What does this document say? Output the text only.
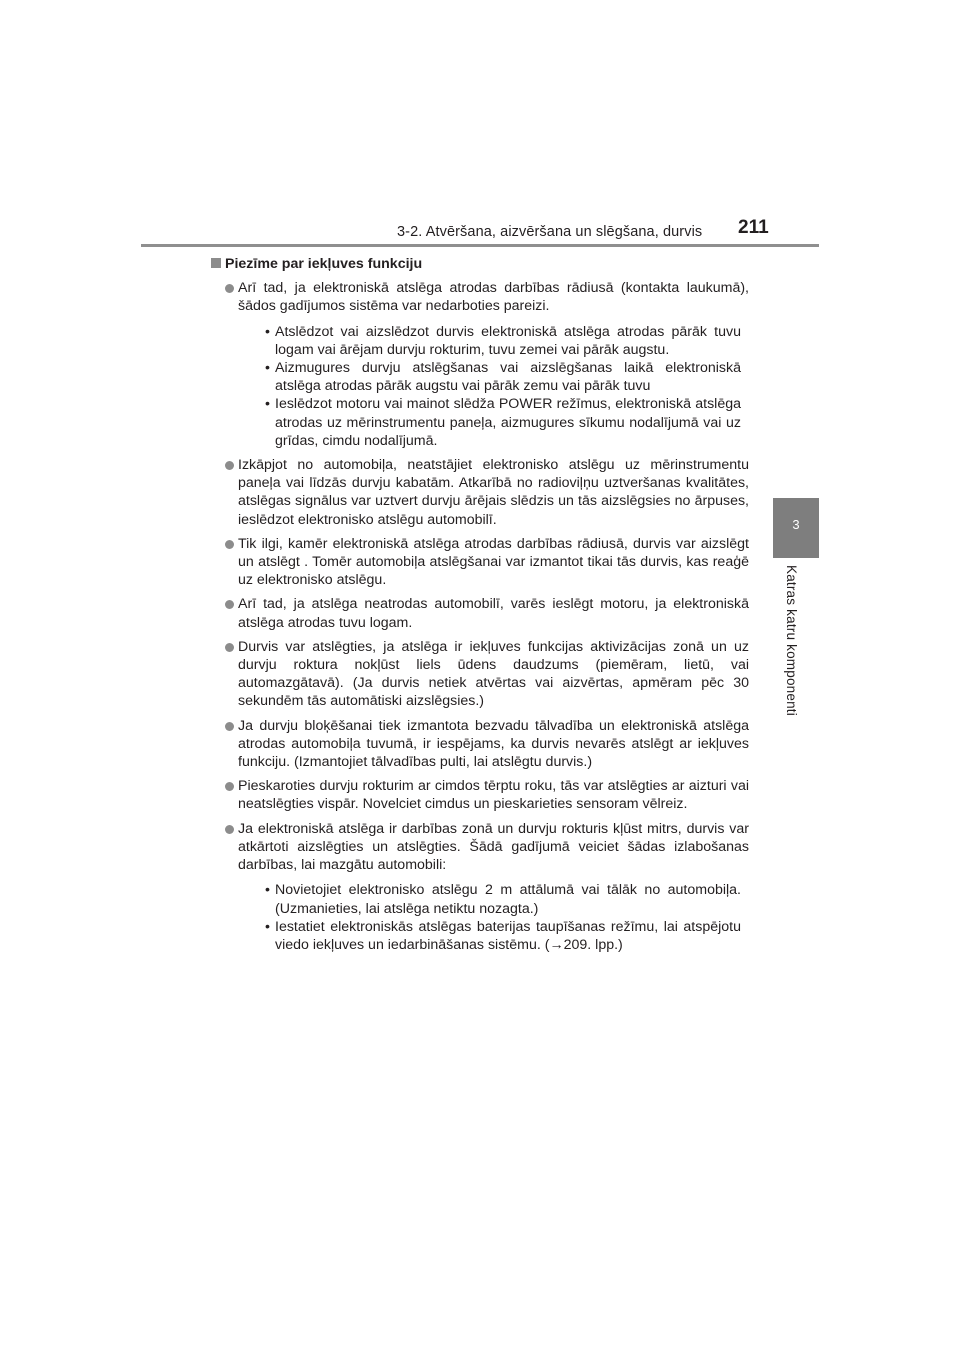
3-2. Atvēršana, aizvēršana un slēgšana, durvis 211
3
Katras katru komponenti
Piezīme par iekļuves funkciju
Arī tad, ja elektroniskā atslēga atrodas darbības rādiusā (kontakta laukumā), šādos gadījumos sistēma var nedarboties pareizi.
• Atslēdzot vai aizslēdzot durvis elektroniskā atslēga atrodas pārāk tuvu logam vai ārējam durvju rokturim, tuvu zemei vai pārāk augstu.
• Aizmugures durvju atslēgšanas vai aizslēgšanas laikā elektroniskā atslēga atrodas pārāk augstu vai pārāk zemu vai pārāk tuvu
• Ieslēdzot motoru vai mainot slēdža POWER režīmus, elektroniskā atslēga atrodas uz mērinstrumentu paneļa, aizmugures sīkumu nodalījumā vai uz grīdas, cimdu nodalījumā.
Izkāpjot no automobiļa, neatstājiet elektronisko atslēgu uz mērinstrumentu paneļa vai līdzās durvju kabatām. Atkarībā no radioviļņu uztveršanas kvalitātes, atslēgas signālus var uztvert durvju ārējais slēdzis un tās aizslēgsies no ārpuses, ieslēdzot elektronisko atslēgu automobilī.
Tik ilgi, kamēr elektroniskā atslēga atrodas darbības rādiusā, durvis var aizslēgt un atslēgt . Tomēr automobiļa atslēgšanai var izmantot tikai tās durvis, kas reaģē uz elektronisko atslēgu.
Arī tad, ja atslēga neatrodas automobilī, varēs ieslēgt motoru, ja elektroniskā atslēga atrodas tuvu logam.
Durvis var atslēgties, ja atslēga ir iekļuves funkcijas aktivizācijas zonā un uz durvju roktura nokļūst liels ūdens daudzums (piemēram, lietū, vai automazgātavā). (Ja durvis netiek atvērtas vai aizvērtas, apmēram pēc 30 sekundēm tās automātiski aizslēgsies.)
Ja durvju bloķēšanai tiek izmantota bezvadu tālvadība un elektroniskā atslēga atrodas automobiļa tuvumā, ir iespējams, ka durvis nevarēs atslēgt ar iekļuves funkciju. (Izmantojiet tālvadības pulti, lai atslēgtu durvis.)
Pieskaroties durvju rokturim ar cimdos tērptu roku, tās var atslēgties ar aizturi vai neatslēgties vispār. Novelciet cimdus un pieskarieties sensoram vēlreiz.
Ja elektroniskā atslēga ir darbības zonā un durvju rokturis kļūst mitrs, durvis var atkārtoti aizslēgties un atslēgties. Šādā gadījumā veiciet šādas izlabošanas darbības, lai mazgātu automobili:
• Novietojiet elektronisko atslēgu 2 m attālumā vai tālāk no automobiļa. (Uzmanieties, lai atslēga netiktu nozagta.)
• Iestatiet elektroniskās atslēgas baterijas taupīšanas režīmu, lai atspējotu viedo iekļuves un iedarbināšanas sistēmu. (→209. lpp.)
